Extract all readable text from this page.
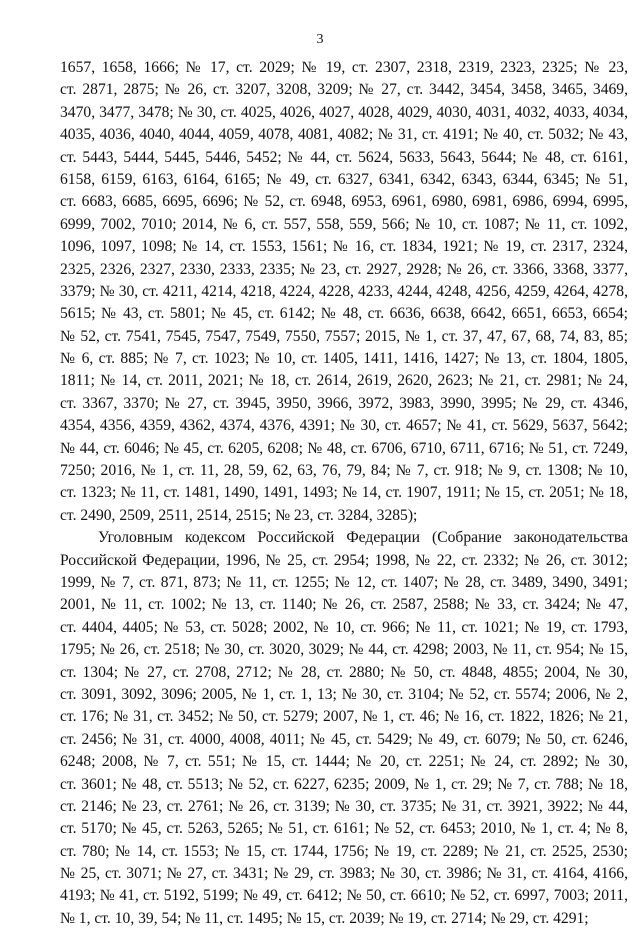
3
1657, 1658, 1666; № 17, ст. 2029; № 19, ст. 2307, 2318, 2319, 2323, 2325; № 23,
ст. 2871, 2875; № 26, ст. 3207, 3208, 3209; № 27, ст. 3442, 3454, 3458, 3465, 3469,
3470, 3477, 3478; № 30, ст. 4025, 4026, 4027, 4028, 4029, 4030, 4031, 4032, 4033, 4034,
4035, 4036, 4040, 4044, 4059, 4078, 4081, 4082; № 31, ст. 4191; № 40, ст. 5032; № 43,
ст. 5443, 5444, 5445, 5446, 5452; № 44, ст. 5624, 5633, 5643, 5644; № 48, ст. 6161,
6158, 6159, 6163, 6164, 6165; № 49, ст. 6327, 6341, 6342, 6343, 6344, 6345; № 51,
ст. 6683, 6685, 6695, 6696; № 52, ст. 6948, 6953, 6961, 6980, 6981, 6986, 6994, 6995,
6999, 7002, 7010; 2014, № 6, ст. 557, 558, 559, 566; № 10, ст. 1087; № 11, ст. 1092,
1096, 1097, 1098; № 14, ст. 1553, 1561; № 16, ст. 1834, 1921; № 19, ст. 2317, 2324,
2325, 2326, 2327, 2330, 2333, 2335; № 23, ст. 2927, 2928; № 26, ст. 3366, 3368, 3377,
3379; № 30, ст. 4211, 4214, 4218, 4224, 4228, 4233, 4244, 4248, 4256, 4259, 4264, 4278,
5615; № 43, ст. 5801; № 45, ст. 6142; № 48, ст. 6636, 6638, 6642, 6651, 6653, 6654;
№ 52, ст. 7541, 7545, 7547, 7549, 7550, 7557; 2015, № 1, ст. 37, 47, 67, 68, 74, 83, 85;
№ 6, ст. 885; № 7, ст. 1023; № 10, ст. 1405, 1411, 1416, 1427; № 13, ст. 1804, 1805,
1811; № 14, ст. 2011, 2021; № 18, ст. 2614, 2619, 2620, 2623; № 21, ст. 2981; № 24,
ст. 3367, 3370; № 27, ст. 3945, 3950, 3966, 3972, 3983, 3990, 3995; № 29, ст. 4346,
4354, 4356, 4359, 4362, 4374, 4376, 4391; № 30, ст. 4657; № 41, ст. 5629, 5637, 5642;
№ 44, ст. 6046; № 45, ст. 6205, 6208; № 48, ст. 6706, 6710, 6711, 6716; № 51, ст. 7249,
7250; 2016, № 1, ст. 11, 28, 59, 62, 63, 76, 79, 84; № 7, ст. 918; № 9, ст. 1308; № 10,
ст. 1323; № 11, ст. 1481, 1490, 1491, 1493; № 14, ст. 1907, 1911; № 15, ст. 2051; № 18,
ст. 2490, 2509, 2511, 2514, 2515; № 23, ст. 3284, 3285);
Уголовным кодексом Российской Федерации (Собрание законодательства
Российской Федерации, 1996, № 25, ст. 2954; 1998, № 22, ст. 2332; № 26, ст. 3012;
1999, № 7, ст. 871, 873; № 11, ст. 1255; № 12, ст. 1407; № 28, ст. 3489, 3490, 3491;
2001, № 11, ст. 1002; № 13, ст. 1140; № 26, ст. 2587, 2588; № 33, ст. 3424; № 47,
ст. 4404, 4405; № 53, ст. 5028; 2002, № 10, ст. 966; № 11, ст. 1021; № 19, ст. 1793,
1795; № 26, ст. 2518; № 30, ст. 3020, 3029; № 44, ст. 4298; 2003, № 11, ст. 954; № 15,
ст. 1304; № 27, ст. 2708, 2712; № 28, ст. 2880; № 50, ст. 4848, 4855; 2004, № 30,
ст. 3091, 3092, 3096; 2005, № 1, ст. 1, 13; № 30, ст. 3104; № 52, ст. 5574; 2006, № 2,
ст. 176; № 31, ст. 3452; № 50, ст. 5279; 2007, № 1, ст. 46; № 16, ст. 1822, 1826; № 21,
ст. 2456; № 31, ст. 4000, 4008, 4011; № 45, ст. 5429; № 49, ст. 6079; № 50, ст. 6246,
6248; 2008, № 7, ст. 551; № 15, ст. 1444; № 20, ст. 2251; № 24, ст. 2892; № 30,
ст. 3601; № 48, ст. 5513; № 52, ст. 6227, 6235; 2009, № 1, ст. 29; № 7, ст. 788; № 18,
ст. 2146; № 23, ст. 2761; № 26, ст. 3139; № 30, ст. 3735; № 31, ст. 3921, 3922; № 44,
ст. 5170; № 45, ст. 5263, 5265; № 51, ст. 6161; № 52, ст. 6453; 2010, № 1, ст. 4; № 8,
ст. 780; № 14, ст. 1553; № 15, ст. 1744, 1756; № 19, ст. 2289; № 21, ст. 2525, 2530;
№ 25, ст. 3071; № 27, ст. 3431; № 29, ст. 3983; № 30, ст. 3986; № 31, ст. 4164, 4166,
4193; № 41, ст. 5192, 5199; № 49, ст. 6412; № 50, ст. 6610; № 52, ст. 6997, 7003; 2011,
№ 1, ст. 10, 39, 54; № 11, ст. 1495; № 15, ст. 2039; № 19, ст. 2714; № 29, ст. 4291;
